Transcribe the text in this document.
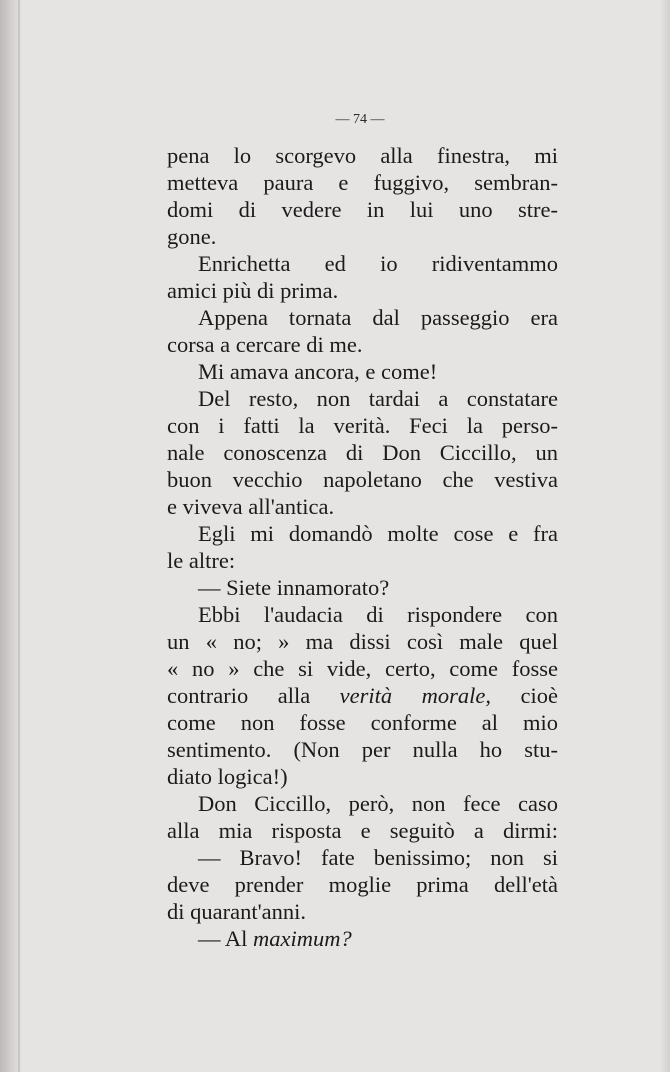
— 74 —
pena lo scorgevo alla finestra, mi
metteva paura e fuggivo, sembran-
domi di vedere in lui uno stre-
gone.
Enrichetta ed io ridiventammo
amici più di prima.
Appena tornata dal passeggio era
corsa a cercare di me.
Mi amava ancora, e come!
Del resto, non tardai a constatare
con i fatti la verità. Feci la perso-
nale conoscenza di Don Ciccillo, un
buon vecchio napoletano che vestiva
e viveva all'antica.
Egli mi domandò molte cose e fra
le altre:
— Siete innamorato?
Ebbi l'audacia di rispondere con
un « no; » ma dissi così male quel
« no » che si vide, certo, come fosse
contrario alla verità morale, cioè
come non fosse conforme al mio
sentimento. (Non per nulla ho stu-
diato logica!)
Don Ciccillo, però, non fece caso
alla mia risposta e seguitò a dirmi:
— Bravo! fate benissimo; non si
deve prender moglie prima dell'età
di quarant'anni.
— Al maximum?
